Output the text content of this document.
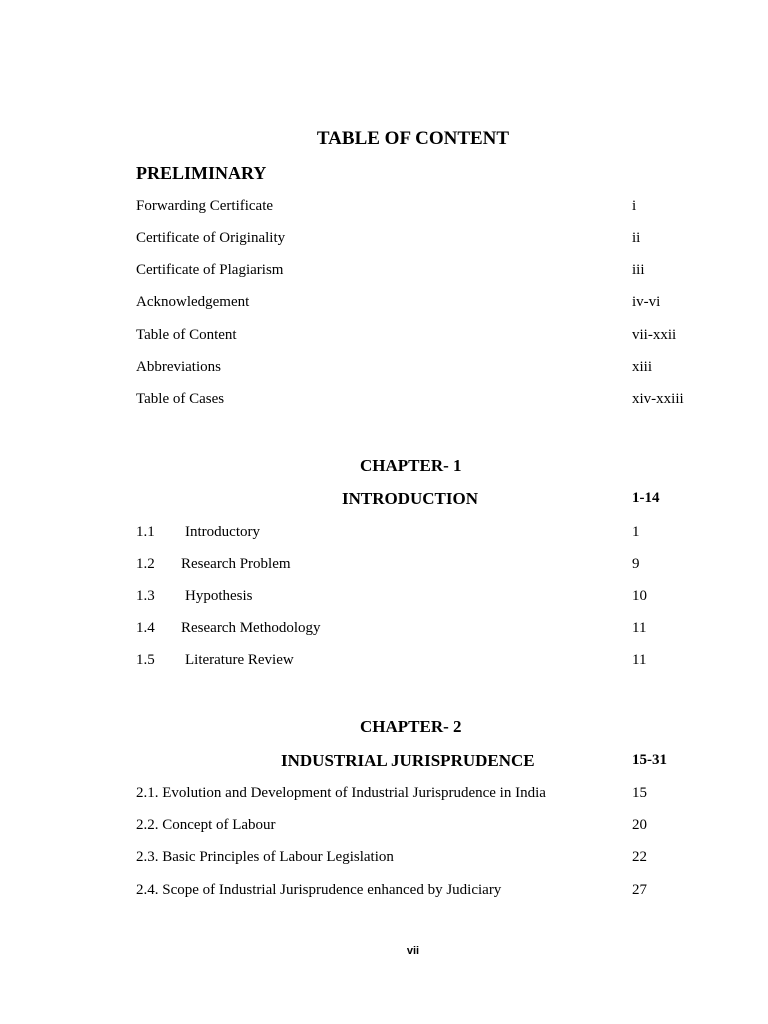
TABLE OF CONTENT
PRELIMINARY
Forwarding Certificate	i
Certificate of Originality	ii
Certificate of Plagiarism	iii
Acknowledgement	iv-vi
Table of Content	vii-xxii
Abbreviations	xiii
Table of Cases	xiv-xxiii
CHAPTER- 1
INTRODUCTION	1-14
1.1 Introductory	1
1.2 Research Problem	9
1.3 Hypothesis	10
1.4 Research Methodology	11
1.5 Literature Review	11
CHAPTER- 2
INDUSTRIAL JURISPRUDENCE	15-31
2.1. Evolution and Development of Industrial Jurisprudence in India	15
2.2. Concept of Labour	20
2.3. Basic Principles of Labour Legislation	22
2.4. Scope of Industrial Jurisprudence enhanced by Judiciary	27
vii
